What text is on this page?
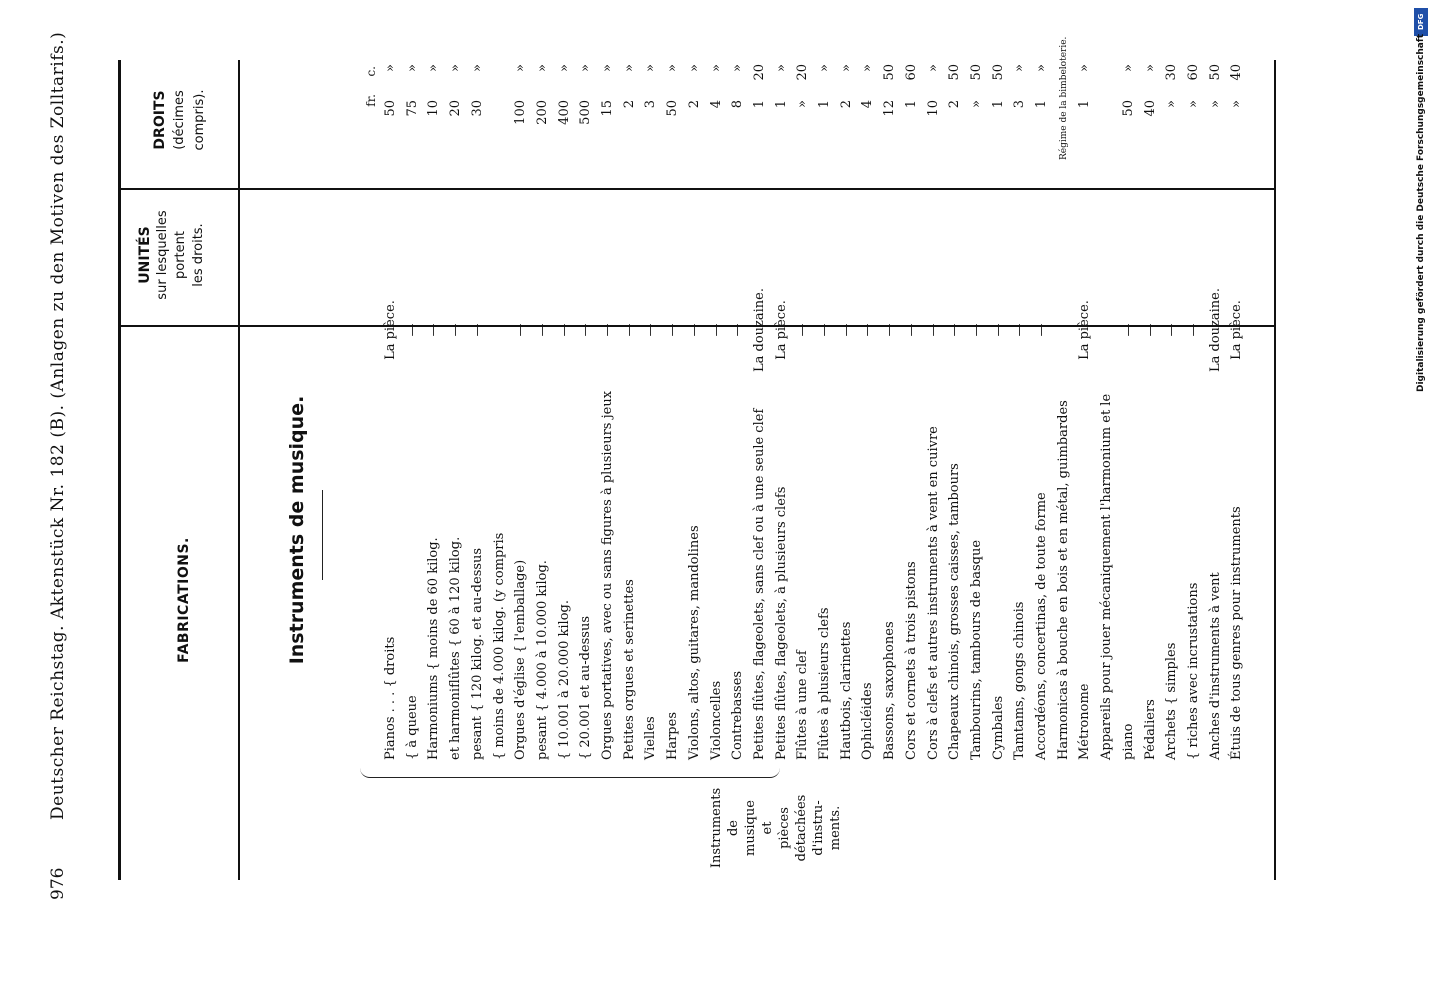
976
Deutscher Reichstag. Aktenstück Nr. 182 (B). (Anlagen zu den Motiven des Zolltarifs.)	FABRICATIONS.
UNITÉS sur lesquelles portent les droits.
DROITS (décimes compris).
Instruments de musique.
Instruments de musique et pièces détachées d'instru- ments.
fr.
c.
Pianos . . . { droits
La pièce.
50
»
{ à queue
—
75
»
Harmoniums { moins de 60 kilog.
—
10
»
et harmoniflûtes { 60 à 120 kilog.
—
20
»
pesant { 120 kilog. et au-dessus
—
30
»
{ moins de 4.000 kilog. (y compris Orgues d'église { l'emballage)
—
100
»
pesant { 4.000 à 10.000 kilog.
—
200
»
{ 10.001 à 20.000 kilog.
—
400
»
{ 20.001 et au-dessus
—
500
»
Orgues portatives, avec ou sans figures à plusieurs jeux
—
15
»
Petites orgues et serinettes
—
2
»
Vielles
—
3
»
Harpes
—
50
»
Violons, altos, guitares, mandolines
—
2
»
Violoncelles
—
4
»
Contrebasses
—
8
»
Petites flûtes, flageolets, sans clef ou à une seule clef
La douzaine.
1
20
Petites flûtes, flageolets, à plusieurs clefs
La pièce.
1
»
Flûtes à une clef
—
»
20
Flûtes à plusieurs clefs
—
1
»
Hautbois, clarinettes
—
2
»
Ophicléides
—
4
»
Bassons, saxophones
—
12
50
Cors et cornets à trois pistons
—
1
60
Cors à clefs et autres instruments à vent en cuivre
—
10
»
Chapeaux chinois, grosses caisses, tambours
—
2
50
Tambourins, tambours de basque
—
»
50
Cymbales
—
1
50
Tamtams, gongs chinois
—
3
»
Accordéons, concertinas, de toute forme
—
1
»
Harmonicas à bouche en bois et en métal, guimbardes
Régime de la bimbeloterie.
Métronome
La pièce.
1
»
Appareils pour jouer mécaniquement l'harmonium et le piano
—
50
»
Pédaliers
—
40
»
Archets { simples
—
»
30
{ riches avec incrustations
—
»
60
Anches d'instruments à vent
La douzaine.
»
50
Étuis de tous genres pour instruments
La pièce.
»
40
DFG
Digitalisierung gefördert durch die Deutsche Forschungsgemeinschaft
